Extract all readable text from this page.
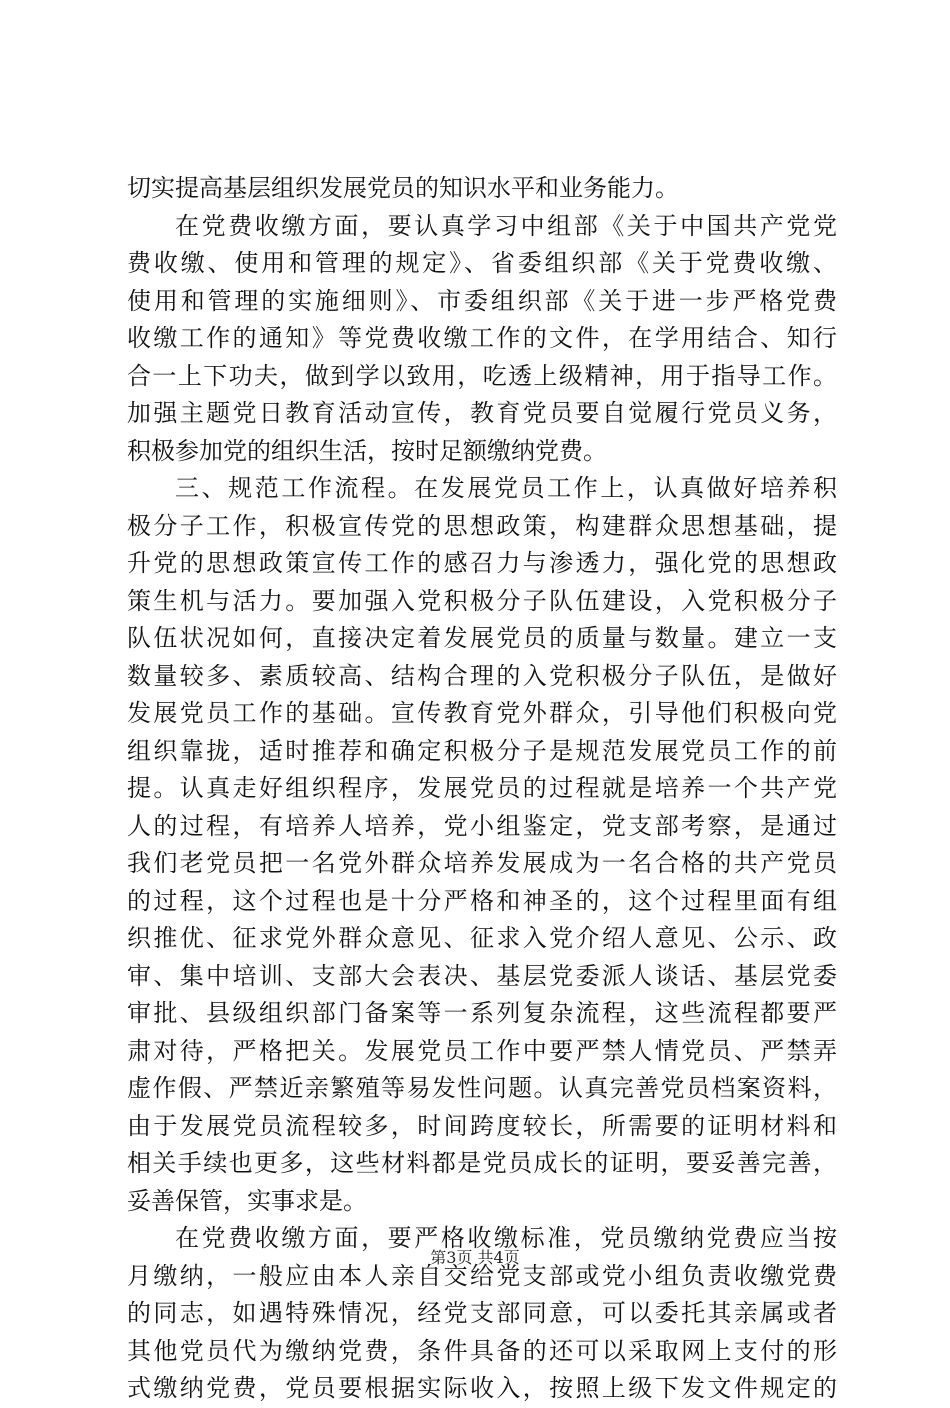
切实提高基层组织发展党员的知识水平和业务能力。
在党费收缴方面，要认真学习中组部《关于中国共产党党
费收缴、使用和管理的规定》、省委组织部《关于党费收缴、
使用和管理的实施细则》、市委组织部《关于进一步严格党费
收缴工作的通知》等党费收缴工作的文件，在学用结合、知行
合一上下功夫，做到学以致用，吃透上级精神，用于指导工作。
加强主题党日教育活动宣传，教育党员要自觉履行党员义务，
积极参加党的组织生活，按时足额缴纳党费。
三、规范工作流程。在发展党员工作上，认真做好培养积
极分子工作，积极宣传党的思想政策，构建群众思想基础，提
升党的思想政策宣传工作的感召力与渗透力，强化党的思想政
策生机与活力。要加强入党积极分子队伍建设，入党积极分子
队伍状况如何，直接决定着发展党员的质量与数量。建立一支
数量较多、素质较高、结构合理的入党积极分子队伍，是做好
发展党员工作的基础。宣传教育党外群众，引导他们积极向党
组织靠拢，适时推荐和确定积极分子是规范发展党员工作的前
提。认真走好组织程序，发展党员的过程就是培养一个共产党
人的过程，有培养人培养，党小组鉴定，党支部考察，是通过
我们老党员把一名党外群众培养发展成为一名合格的共产党员
的过程，这个过程也是十分严格和神圣的，这个过程里面有组
织推优、征求党外群众意见、征求入党介绍人意见、公示、政
审、集中培训、支部大会表决、基层党委派人谈话、基层党委
审批、县级组织部门备案等一系列复杂流程，这些流程都要严
肃对待，严格把关。发展党员工作中要严禁人情党员、严禁弄
虚作假、严禁近亲繁殖等易发性问题。认真完善党员档案资料，
由于发展党员流程较多，时间跨度较长，所需要的证明材料和
相关手续也更多，这些材料都是党员成长的证明，要妥善完善，
妥善保管，实事求是。
在党费收缴方面，要严格收缴标准，党员缴纳党费应当按
月缴纳，一般应由本人亲自交给党支部或党小组负责收缴党费
的同志，如遇特殊情况，经党支部同意，可以委托其亲属或者
其他党员代为缴纳党费，条件具备的还可以采取网上支付的形
式缴纳党费，党员要根据实际收入，按照上级下发文件规定的
第3页 共4页
